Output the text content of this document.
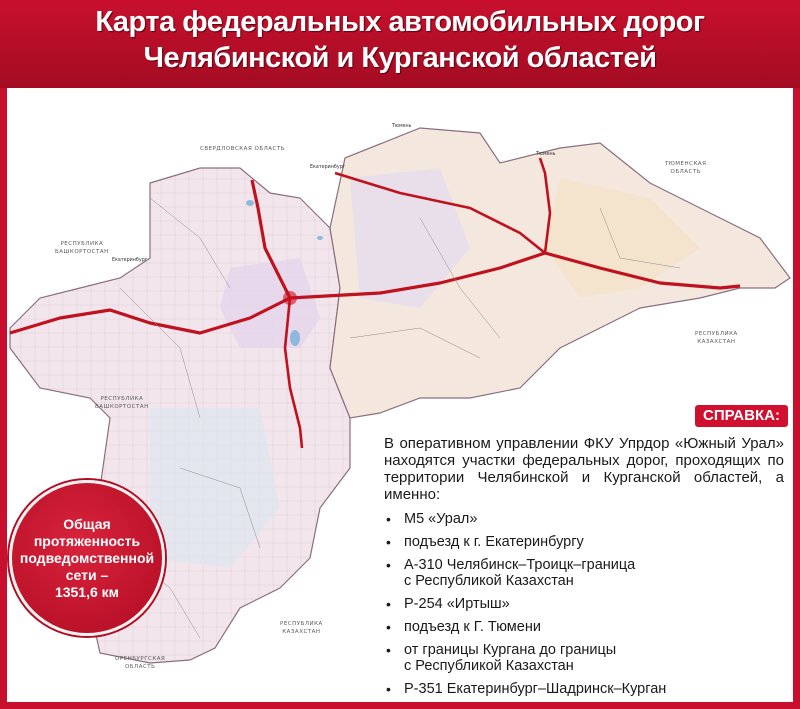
Карта федеральных автомобильных дорог
Челябинской и Курганской областей
СВЕРДЛОВСКАЯ ОБЛАСТЬ
РЕСПУБЛИКА
БАШКОРТОСТАН
РЕСПУБЛИКА
БАШКОРТОСТАН
ТЮМЕНСКАЯ
ОБЛАСТЬ
РЕСПУБЛИКА
КАЗАХСТАН
РЕСПУБЛИКА
КАЗАХСТАН
ОРЕНБУРГСКАЯ
ОБЛАСТЬ
Екатеринбург
Тюмень
Тюмень
Екатеринбург
СПРАВКА:

В оперативном управлении ФКУ Упрдор «Южный Урал» находятся участки федеральных дорог, проходящих по территории Челябинской и Курганской областей, а именно:

• М5 «Урал»
• подъезд к г. Екатеринбургу
• А-310 Челябинск–Троицк–граница
с Республикой Казахстан
• Р-254 «Иртыш»
• подъезд к Г. Тюмени
• от границы Кургана до границы
с Республикой Казахстан
• Р-351 Екатеринбург–Шадринск–Курган
Общая
протяженность
подведомственной
сети –
1351,6 км
